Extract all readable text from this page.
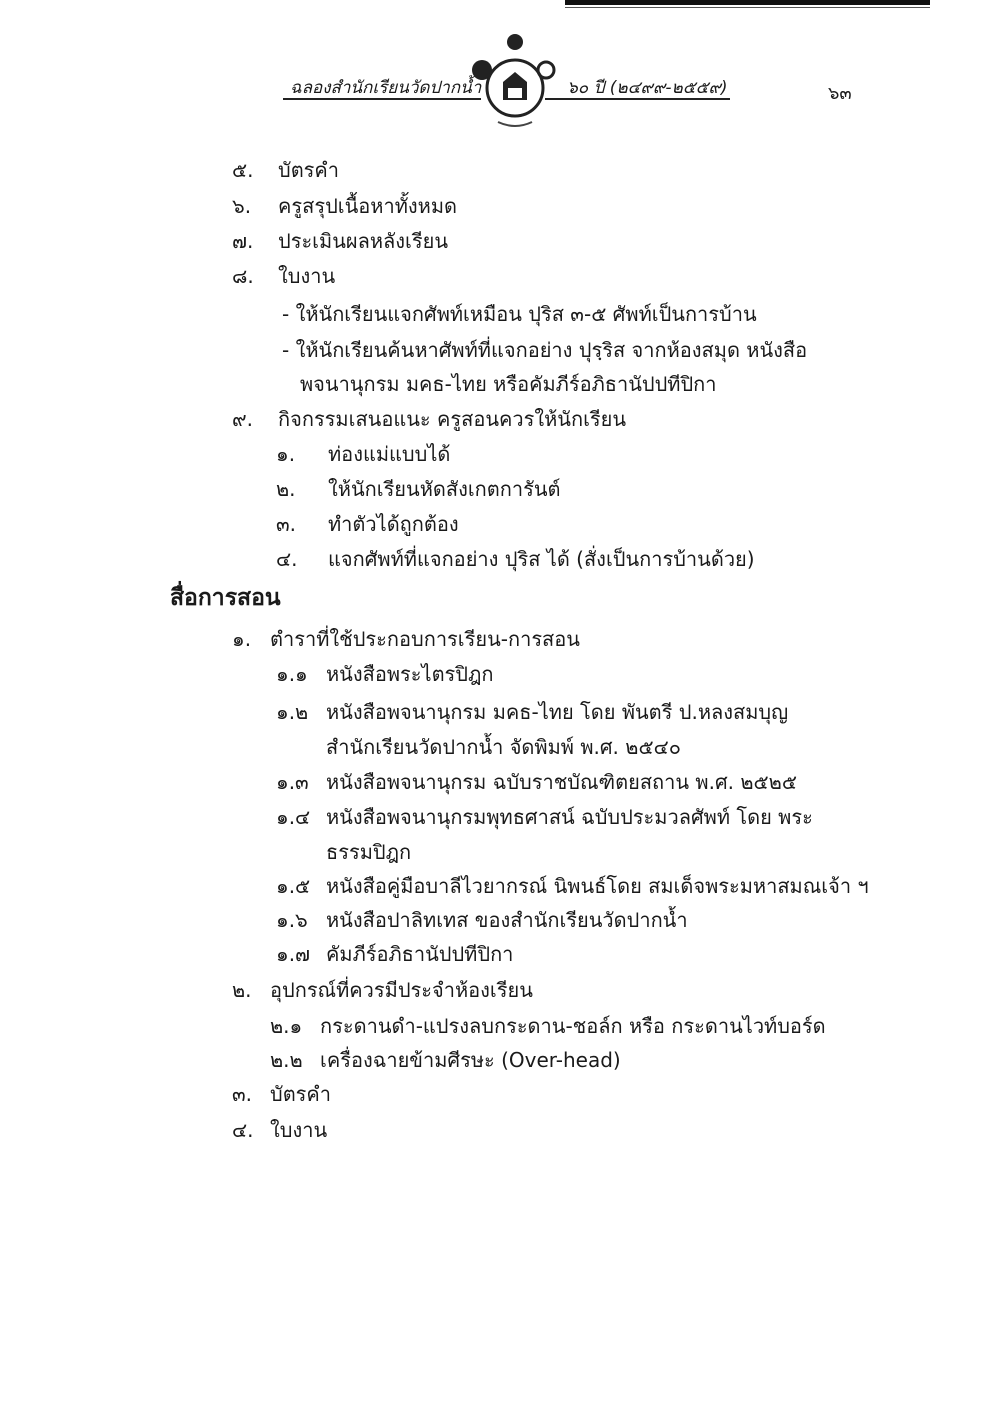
ฉลองสำนักเรียนวัดปากน้ำ	๖๐ ปี (๒๔๙๙-๒๕๕๙)	๖๓
๕. บัตรคำ
๖. ครูสรุปเนื้อหาทั้งหมด
๗. ประเมินผลหลังเรียน
๘. ใบงาน
- ให้นักเรียนแจกศัพท์เหมือน ปุริส ๓-๕ ศัพท์เป็นการบ้าน
- ให้นักเรียนค้นหาศัพท์ที่แจกอย่าง ปุรฺริส จากห้องสมุด หนังสือ
พจนานุกรม มคธ-ไทย หรือคัมภีร์อภิธานัปปทีปิกา
๙. กิจกรรมเสนอแนะ ครูสอนควรให้นักเรียน
๑. ท่องแม่แบบได้
๒. ให้นักเรียนหัดสังเกตการันต์
๓. ทำตัวได้ถูกต้อง
๔. แจกศัพท์ที่แจกอย่าง ปุริส ได้ (สั่งเป็นการบ้านด้วย)
สื่อการสอน
๑. ตำราที่ใช้ประกอบการเรียน-การสอน
๑.๑ หนังสือพระไตรปิฎก
๑.๒ หนังสือพจนานุกรม มคธ-ไทย โดย พันตรี ป.หลงสมบุญ
สำนักเรียนวัดปากน้ำ จัดพิมพ์ พ.ศ. ๒๕๔๐
๑.๓ หนังสือพจนานุกรม ฉบับราชบัณฑิตยสถาน พ.ศ. ๒๕๒๕
๑.๔ หนังสือพจนานุกรมพุทธศาสน์ ฉบับประมวลศัพท์ โดย พระ
ธรรมปิฎก
๑.๕ หนังสือคู่มือบาลีไวยากรณ์ นิพนธ์โดย สมเด็จพระมหาสมณเจ้า ฯ
๑.๖ หนังสือปาลิทเทส ของสำนักเรียนวัดปากน้ำ
๑.๗ คัมภีร์อภิธานัปปทีปิกา
๒. อุปกรณ์ที่ควรมีประจำห้องเรียน
๒.๑ กระดานดำ-แปรงลบกระดาน-ชอล์ก หรือ กระดานไวท์บอร์ด
๒.๒ เครื่องฉายข้ามศีรษะ (Over-head)
๓. บัตรคำ
๔. ใบงาน
